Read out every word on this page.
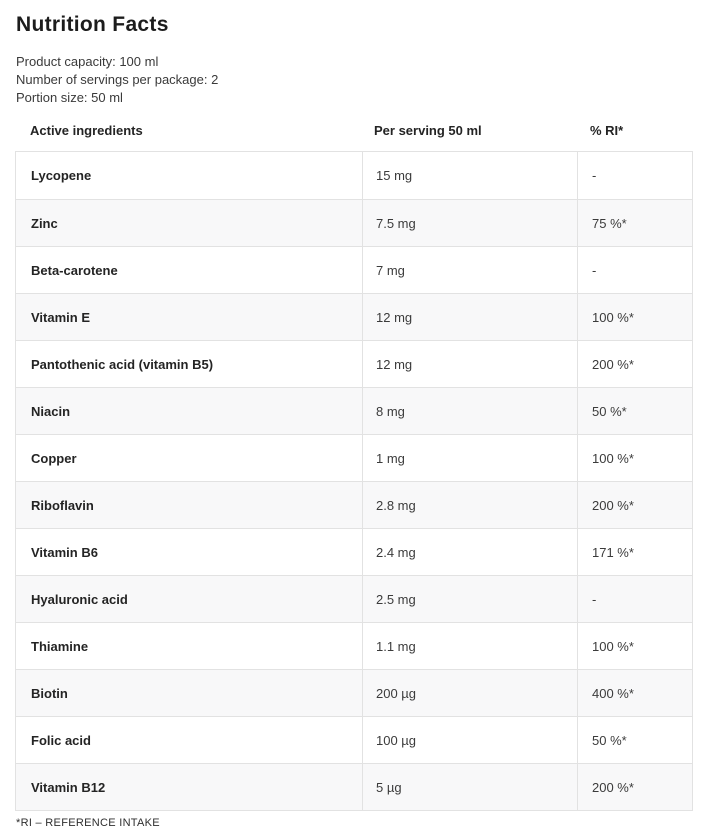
Nutrition Facts

Product capacity: 100 ml

Number of servings per package: 2

Portion size: 50 ml

Active ingredients	Per serving 50 ml	% RI*
Lycopene	15 mg	-
Zinc	7.5 mg	75 %*
Beta-carotene	7 mg	-
Vitamin E	12 mg	100 %*
Pantothenic acid (vitamin B5)	12 mg	200 %*
Niacin	8 mg	50 %*
Copper	1 mg	100 %*
Riboflavin	2.8 mg	200 %*
Vitamin B6	2.4 mg	171 %*
Hyaluronic acid	2.5 mg	-
Thiamine	1.1 mg	100 %*
Biotin	200 µg	400 %*
Folic acid	100 µg	50 %*
Vitamin B12	5 µg	200 %*

*RI – REFERENCE INTAKE
